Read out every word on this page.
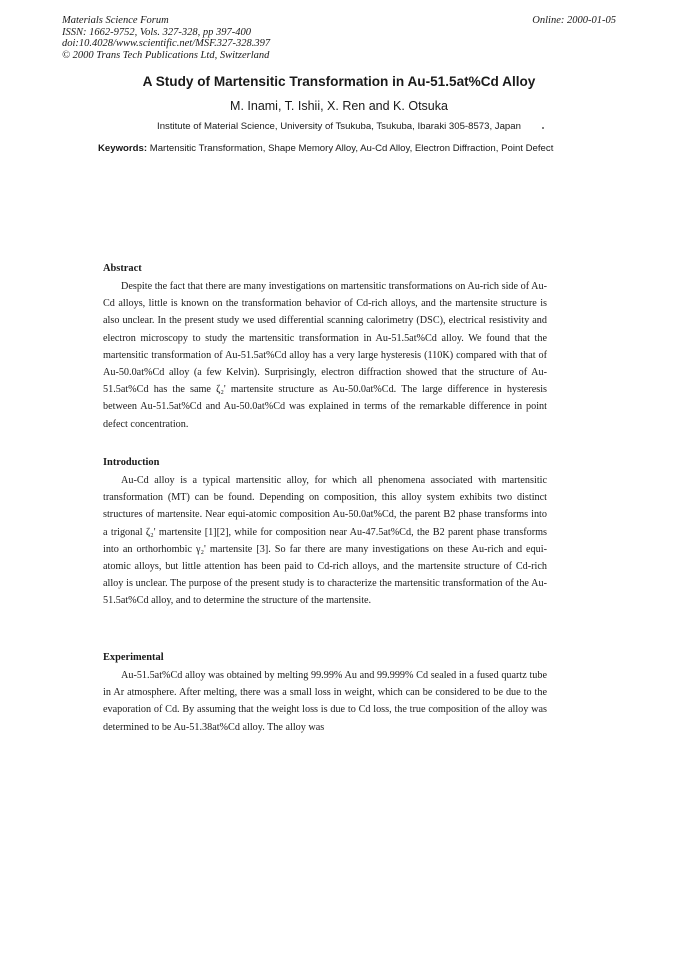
Materials Science Forum
ISSN: 1662-9752, Vols. 327-328, pp 397-400
doi:10.4028/www.scientific.net/MSF.327-328.397
© 2000 Trans Tech Publications Ltd, Switzerland
Online: 2000-01-05
A Study of Martensitic Transformation in Au-51.5at%Cd Alloy
M. Inami, T. Ishii, X. Ren and K. Otsuka
Institute of Material Science, University of Tsukuba, Tsukuba, Ibaraki 305-8573, Japan
Keywords: Martensitic Transformation, Shape Memory Alloy, Au-Cd Alloy, Electron Diffraction, Point Defect
Abstract

Despite the fact that there are many investigations on martensitic transformations on Au-rich side of Au-Cd alloys, little is known on the transformation behavior of Cd-rich alloys, and the martensite structure is also unclear. In the present study we used differential scanning calorimetry (DSC), electrical resistivity and electron microscopy to study the martensitic transformation in Au-51.5at%Cd alloy. We found that the martensitic transformation of Au-51.5at%Cd alloy has a very large hysteresis (110K) compared with that of Au-50.0at%Cd alloy (a few Kelvin). Surprisingly, electron diffraction showed that the structure of Au-51.5at%Cd has the same ζ₂' martensite structure as Au-50.0at%Cd. The large difference in hysteresis between Au-51.5at%Cd and Au-50.0at%Cd was explained in terms of the remarkable difference in point defect concentration.

Introduction

Au-Cd alloy is a typical martensitic alloy, for which all phenomena associated with martensitic transformation (MT) can be found. Depending on composition, this alloy system exhibits two distinct structures of martensite. Near equi-atomic composition Au-50.0at%Cd, the parent B2 phase transforms into a trigonal ζ₂' martensite [1][2], while for composition near Au-47.5at%Cd, the B2 parent phase transforms into an orthorhombic γ₂' martensite [3]. So far there are many investigations on these Au-rich and equi-atomic alloys, but little attention has been paid to Cd-rich alloys, and the martensite structure of Cd-rich alloy is unclear. The purpose of the present study is to characterize the martensitic transformation of the Au-51.5at%Cd alloy, and to determine the structure of the martensite.

Experimental

Au-51.5at%Cd alloy was obtained by melting 99.99% Au and 99.999% Cd sealed in a fused quartz tube in Ar atmosphere. After melting, there was a small loss in weight, which can be considered to be due to the evaporation of Cd. By assuming that the weight loss is due to Cd loss, the true composition of the alloy was determined to be Au-51.38at%Cd alloy. The alloy was
